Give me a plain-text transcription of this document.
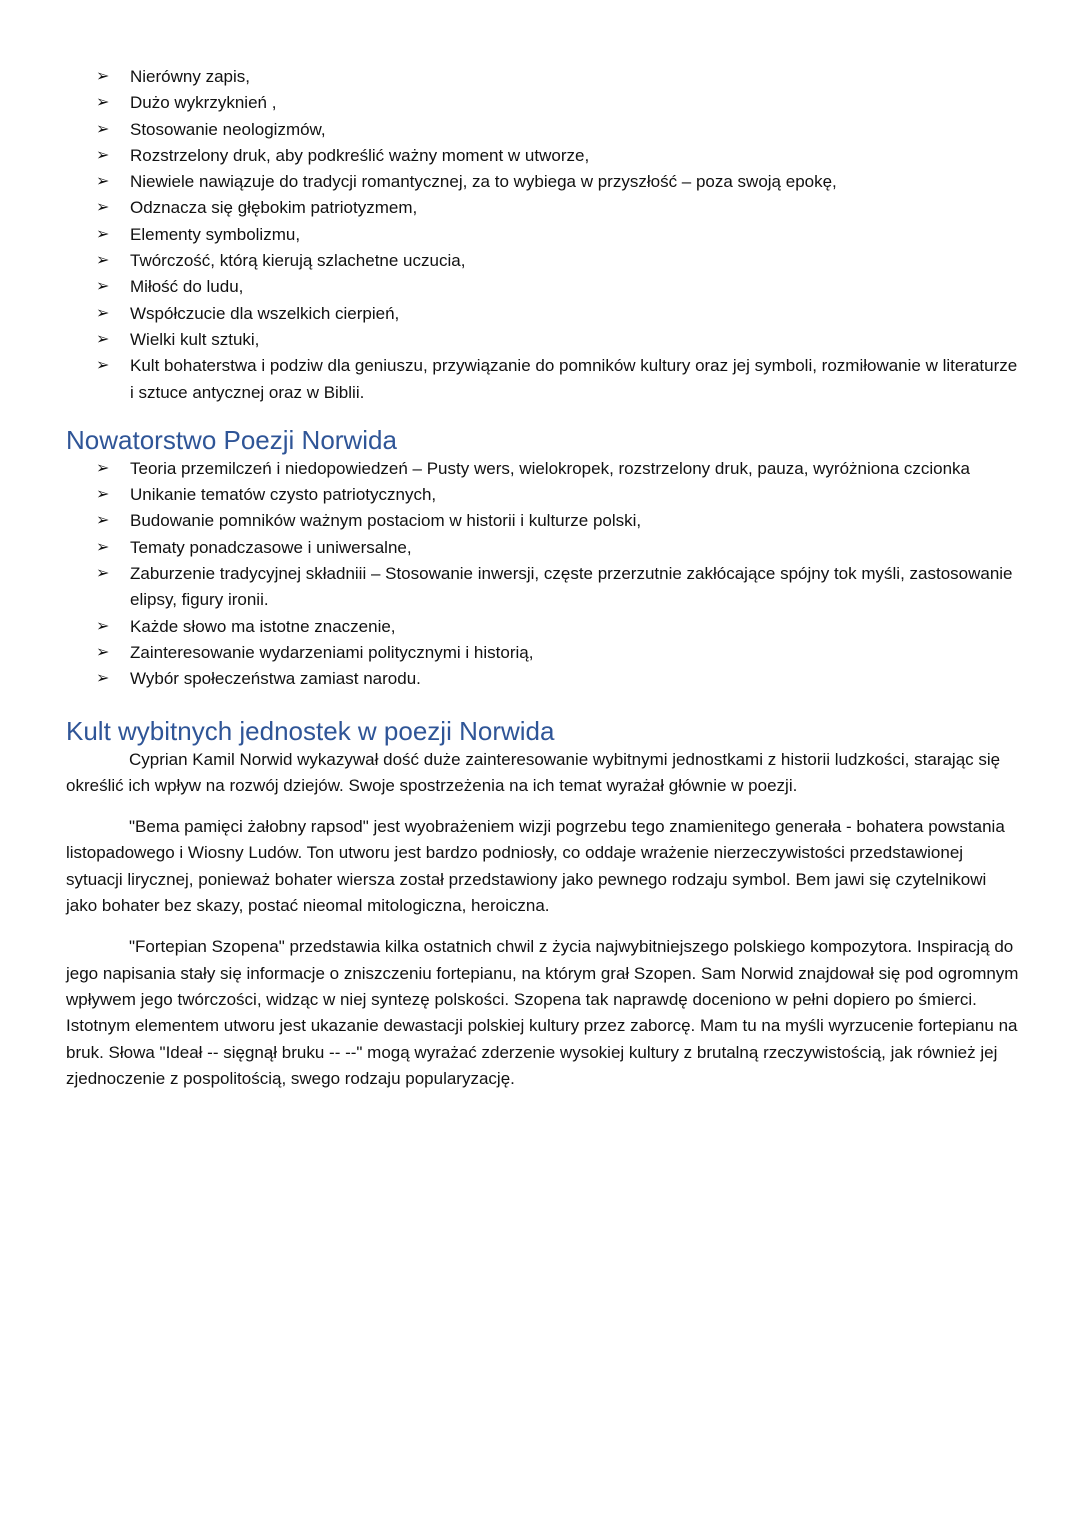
➢ Nierówny zapis,
➢ Dużo wykrzyknień ,
➢ Stosowanie neologizmów,
➢ Rozstrzelony druk, aby podkreślić ważny moment w utworze,
➢ Niewiele nawiązuje do tradycji romantycznej, za to wybiega w przyszłość – poza swoją epokę,
➢ Odznacza się głębokim patriotyzmem,
➢ Elementy symbolizmu,
➢ Twórczość, którą kierują szlachetne uczucia,
➢ Miłość do ludu,
➢ Współczucie dla wszelkich cierpień,
➢ Wielki kult sztuki,
➢ Kult bohaterstwa i podziw dla geniuszu, przywiązanie do pomników kultury oraz jej symboli, rozmiłowanie w literaturze i sztuce antycznej oraz w Biblii.
Nowatorstwo Poezji Norwida
➢ Teoria przemilczeń i niedopowiedzeń – Pusty wers, wielokropek, rozstrzelony druk, pauza, wyróżniona czcionka
➢ Unikanie tematów czysto patriotycznych,
➢ Budowanie pomników ważnym postaciom w historii i kulturze polski,
➢ Tematy ponadczasowe i uniwersalne,
➢ Zaburzenie tradycyjnej składniii – Stosowanie inwersji, częste przerzutnie zakłócające spójny tok myśli, zastosowanie elipsy, figury ironii.
➢ Każde słowo ma istotne znaczenie,
➢ Zainteresowanie wydarzeniami politycznymi i historią,
➢ Wybór społeczeństwa zamiast narodu.
Kult wybitnych jednostek w poezji Norwida

Cyprian Kamil Norwid wykazywał dość duże zainteresowanie wybitnymi jednostkami z historii ludzkości, starając się określić ich wpływ na rozwój dziejów. Swoje spostrzeżenia na ich temat wyrażał głównie w poezji.

"Bema pamięci żałobny rapsod" jest wyobrażeniem wizji pogrzebu tego znamienitego generała - bohatera powstania listopadowego i Wiosny Ludów. Ton utworu jest bardzo podniosły, co oddaje wrażenie nierzeczywistości przedstawionej sytuacji lirycznej, ponieważ bohater wiersza został przedstawiony jako pewnego rodzaju symbol. Bem jawi się czytelnikowi jako bohater bez skazy, postać nieomal mitologiczna, heroiczna.

"Fortepian Szopena" przedstawia kilka ostatnich chwil z życia najwybitniejszego polskiego kompozytora. Inspiracją do jego napisania stały się informacje o zniszczeniu fortepianu, na którym grał Szopen. Sam Norwid znajdował się pod ogromnym wpływem jego twórczości, widząc w niej syntezę polskości. Szopena tak naprawdę doceniono w pełni dopiero po śmierci. Istotnym elementem utworu jest ukazanie dewastacji polskiej kultury przez zaborcę. Mam tu na myśli wyrzucenie fortepianu na bruk. Słowa "Ideał -- sięgnął bruku -- --" mogą wyrażać zderzenie wysokiej kultury z brutalną rzeczywistością, jak również jej zjednoczenie z pospolitością, swego rodzaju popularyzację.
